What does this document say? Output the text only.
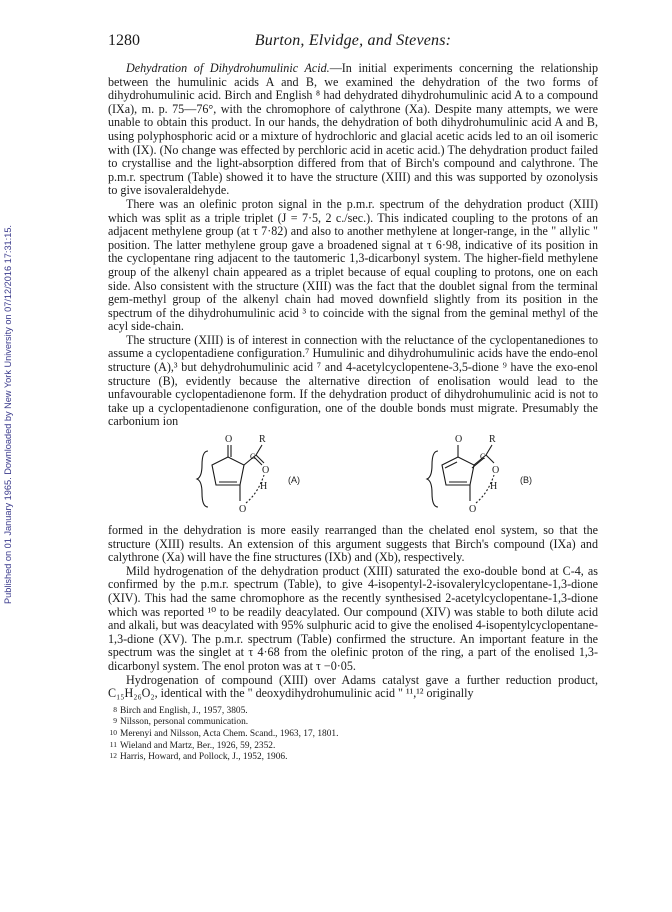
Published on 01 January 1965. Downloaded by New York University on 07/12/2016 17:31:15.
1280	Burton, Elvidge, and Stevens:

Dehydration of Dihydrohumulinic Acid.—In initial experiments concerning the relationship between the humulinic acids A and B, we examined the dehydration of the two forms of dihydrohumulinic acid. Birch and English ⁸ had dehydrated dihydrohumulinic acid A to a compound (IXa), m. p. 75—76°, with the chromophore of calythrone (Xa). Despite many attempts, we were unable to obtain this product. In our hands, the dehydration of both dihydrohumulinic acid A and B, using polyphosphoric acid or a mixture of hydrochloric and glacial acetic acids led to an oil isomeric with (IX). (No change was effected by perchloric acid in acetic acid.) The dehydration product failed to crystallise and the light-absorption differed from that of Birch's compound and calythrone. The p.m.r. spectrum (Table) showed it to have the structure (XIII) and this was supported by ozonolysis to give isovaleraldehyde.

There was an olefinic proton signal in the p.m.r. spectrum of the dehydration product (XIII) which was split as a triple triplet (J = 7·5, 2 c./sec.). This indicated coupling to the protons of an adjacent methylene group (at τ 7·82) and also to another methylene at longer-range, in the " allylic " position. The latter methylene group gave a broadened signal at τ 6·98, indicative of its position in the cyclopentane ring adjacent to the tautomeric 1,3-dicarbonyl system. The higher-field methylene group of the alkenyl chain appeared as a triplet because of equal coupling to protons, one on each side. Also consistent with the structure (XIII) was the fact that the doublet signal from the terminal gem-methyl group of the alkenyl chain had moved downfield slightly from its position in the spectrum of the dihydrohumulinic acid ³ to coincide with the signal from the geminal methyl of the acyl side-chain.

The structure (XIII) is of interest in connection with the reluctance of the cyclopentanediones to assume a cyclopentadiene configuration.⁷ Humulinic and dihydrohumulinic acids have the endo-enol structure (A),³ but dehydrohumulinic acid ⁷ and 4-acetylcyclopentene-3,5-dione ⁹ have the exo-enol structure (B), evidently because the alternative direction of enolisation would lead to the unfavourable cyclopentadienone form. If the dehydration product of dihydrohumulinic acid is not to take up a cyclopentadienone configuration, one of the double bonds must migrate. Presumably the carbonium ion

O	R
C
O
H
O
O	R
C
O
H
O
(A)	(B)

formed in the dehydration is more easily rearranged than the chelated enol system, so that the structure (XIII) results. An extension of this argument suggests that Birch's compound (IXa) and calythrone (Xa) will have the fine structures (IXb) and (Xb), respectively.

Mild hydrogenation of the dehydration product (XIII) saturated the exo-double bond at C-4, as confirmed by the p.m.r. spectrum (Table), to give 4-isopentyl-2-isovalerylcyclopentane-1,3-dione (XIV). This had the same chromophore as the recently synthesised 2-acetylcyclopentane-1,3-dione which was reported ¹⁰ to be readily deacylated. Our compound (XIV) was stable to both dilute acid and alkali, but was deacylated with 95% sulphuric acid to give the enolised 4-isopentylcyclopentane-1,3-dione (XV). The p.m.r. spectrum (Table) confirmed the structure. An important feature in the spectrum was the singlet at τ 4·68 from the olefinic proton of the ring, a part of the enolised 1,3-dicarbonyl system. The enol proton was at τ −0·05.

Hydrogenation of compound (XIII) over Adams catalyst gave a further reduction product, C₁₅H₂₆O₂, identical with the " deoxydihydrohumulinic acid " ¹¹,¹² originally

8 Birch and English, J., 1957, 3805.

9 Nilsson, personal communication.

10 Merenyi and Nilsson, Acta Chem. Scand., 1963, 17, 1801.

11 Wieland and Martz, Ber., 1926, 59, 2352.

12 Harris, Howard, and Pollock, J., 1952, 1906.
